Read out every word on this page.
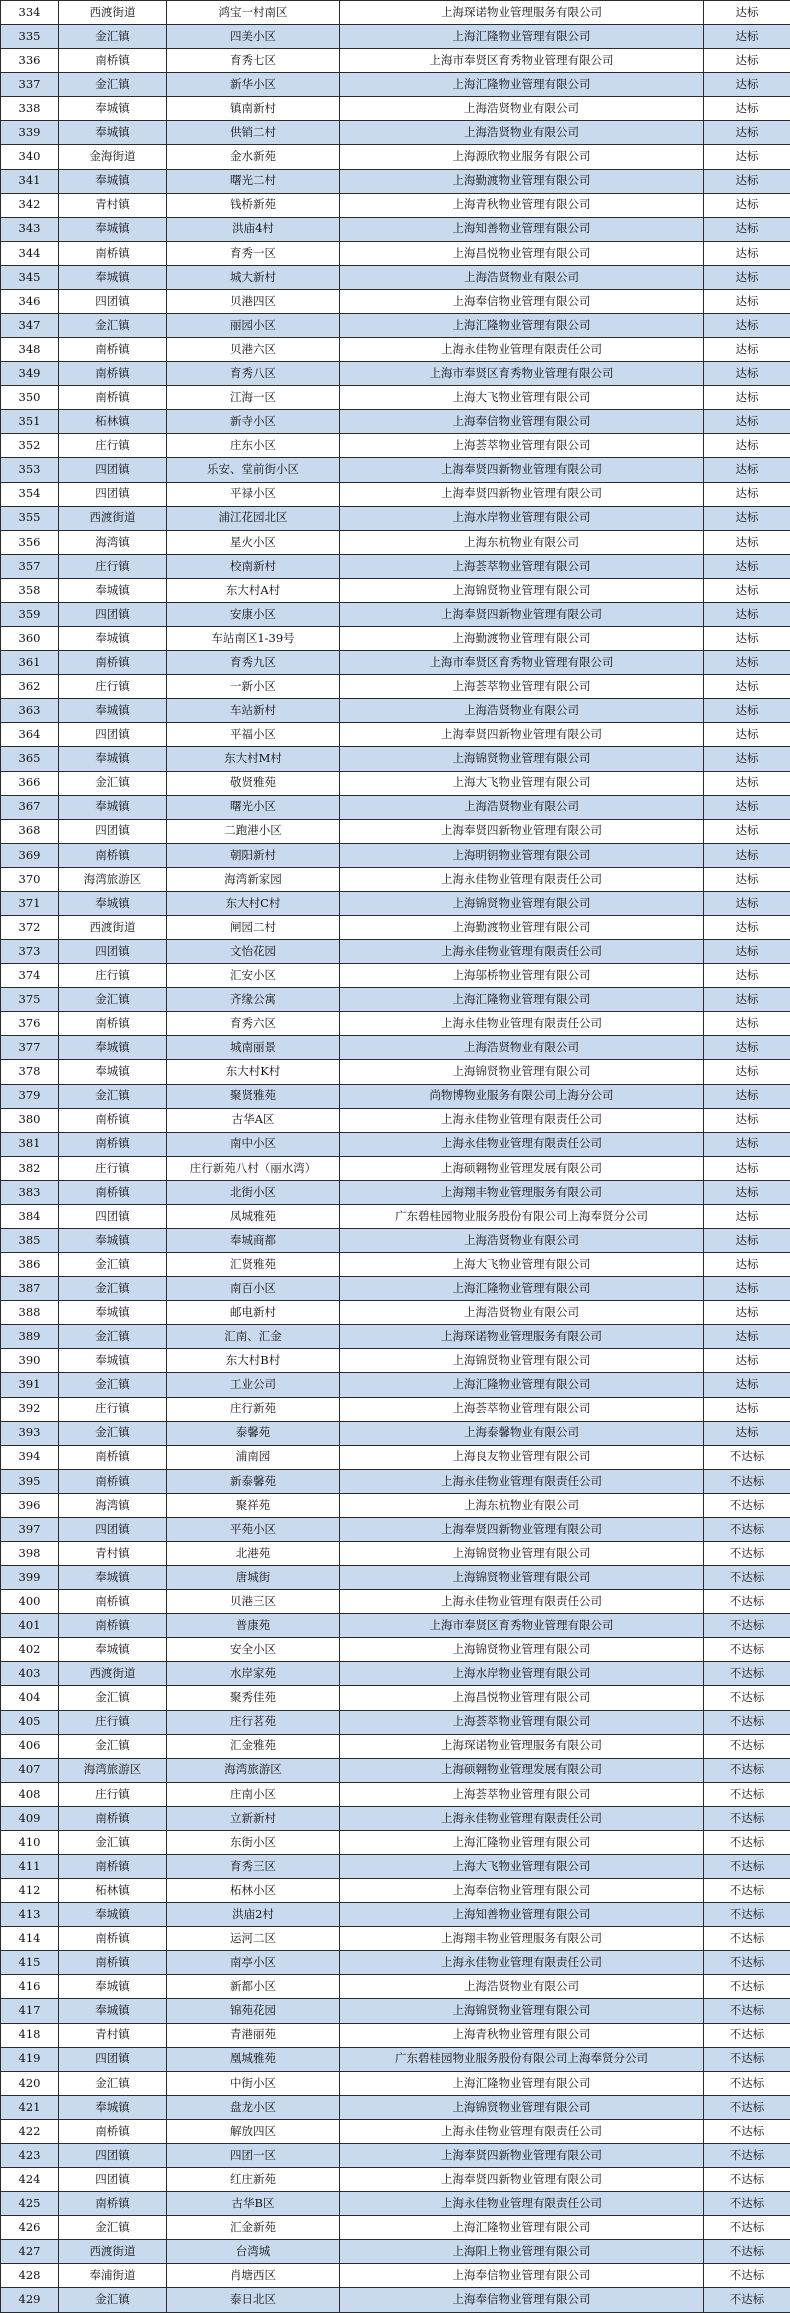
334	西渡街道	鸿宝一村南区	上海琛诺物业管理服务有限公司	达标
335	金汇镇	四美小区	上海汇隆物业管理有限公司	达标
336	南桥镇	育秀七区	上海市奉贤区育秀物业管理有限公司	达标
337	金汇镇	新华小区	上海汇隆物业管理有限公司	达标
338	奉城镇	镇南新村	上海浩贤物业有限公司	达标
339	奉城镇	供销二村	上海浩贤物业有限公司	达标
340	金海街道	金水新苑	上海源欣物业服务有限公司	达标
341	奉城镇	曙光二村	上海勤渡物业管理有限公司	达标
342	青村镇	钱桥新苑	上海青秋物业管理有限公司	达标
343	奉城镇	洪庙4村	上海知善物业管理有限公司	达标
344	南桥镇	育秀一区	上海昌悦物业管理有限公司	达标
345	奉城镇	城大新村	上海浩贤物业有限公司	达标
346	四团镇	贝港四区	上海奉信物业管理有限公司	达标
347	金汇镇	丽园小区	上海汇隆物业管理有限公司	达标
348	南桥镇	贝港六区	上海永佳物业管理有限责任公司	达标
349	南桥镇	育秀八区	上海市奉贤区育秀物业管理有限公司	达标
350	南桥镇	江海一区	上海大飞物业管理有限公司	达标
351	柘林镇	新寺小区	上海奉信物业管理有限公司	达标
352	庄行镇	庄东小区	上海荟萃物业管理有限公司	达标
353	四团镇	乐安、堂前街小区	上海奉贤四新物业管理有限公司	达标
354	四团镇	平禄小区	上海奉贤四新物业管理有限公司	达标
355	西渡街道	浦江花园北区	上海水岸物业管理有限公司	达标
356	海湾镇	星火小区	上海东杭物业有限公司	达标
357	庄行镇	校南新村	上海荟萃物业管理有限公司	达标
358	奉城镇	东大村A村	上海锦贤物业管理有限公司	达标
359	四团镇	安康小区	上海奉贤四新物业管理有限公司	达标
360	奉城镇	车站南区1-39号	上海勤渡物业管理有限公司	达标
361	南桥镇	育秀九区	上海市奉贤区育秀物业管理有限公司	达标
362	庄行镇	一新小区	上海荟萃物业管理有限公司	达标
363	奉城镇	车站新村	上海浩贤物业有限公司	达标
364	四团镇	平福小区	上海奉贤四新物业管理有限公司	达标
365	奉城镇	东大村M村	上海锦贤物业管理有限公司	达标
366	金汇镇	敬贤雅苑	上海大飞物业管理有限公司	达标
367	奉城镇	曙光小区	上海浩贤物业有限公司	达标
368	四团镇	二跑港小区	上海奉贤四新物业管理有限公司	达标
369	南桥镇	朝阳新村	上海明钥物业管理有限公司	达标
370	海湾旅游区	海湾新家园	上海永佳物业管理有限责任公司	达标
371	奉城镇	东大村C村	上海锦贤物业管理有限公司	达标
372	西渡街道	闸园二村	上海勤渡物业管理有限公司	达标
373	四团镇	文怡花园	上海永佳物业管理有限责任公司	达标
374	庄行镇	汇安小区	上海邬桥物业管理有限公司	达标
375	金汇镇	齐缘公寓	上海汇隆物业管理有限公司	达标
376	南桥镇	育秀六区	上海永佳物业管理有限责任公司	达标
377	奉城镇	城南丽景	上海浩贤物业有限公司	达标
378	奉城镇	东大村K村	上海锦贤物业管理有限公司	达标
379	金汇镇	聚贤雅苑	尚物博物业服务有限公司上海分公司	达标
380	南桥镇	古华A区	上海永佳物业管理有限责任公司	达标
381	南桥镇	南中小区	上海永佳物业管理有限责任公司	达标
382	庄行镇	庄行新苑八村（丽水湾）	上海硕翱物业管理发展有限公司	达标
383	南桥镇	北街小区	上海翔丰物业管理服务有限公司	达标
384	四团镇	凤城雅苑	广东碧桂园物业服务股份有限公司上海奉贤分公司	达标
385	奉城镇	奉城商都	上海浩贤物业有限公司	达标
386	金汇镇	汇贤雅苑	上海大飞物业管理有限公司	达标
387	金汇镇	南百小区	上海汇隆物业管理有限公司	达标
388	奉城镇	邮电新村	上海浩贤物业有限公司	达标
389	金汇镇	汇南、汇金	上海琛诺物业管理服务有限公司	达标
390	奉城镇	东大村B村	上海锦贤物业管理有限公司	达标
391	金汇镇	工业公司	上海汇隆物业管理有限公司	达标
392	庄行镇	庄行新苑	上海荟萃物业管理有限公司	达标
393	金汇镇	泰馨苑	上海泰馨物业有限公司	达标
394	南桥镇	浦南园	上海良友物业管理有限公司	不达标
395	南桥镇	新泰馨苑	上海永佳物业管理有限责任公司	不达标
396	海湾镇	聚祥苑	上海东杭物业有限公司	不达标
397	四团镇	平苑小区	上海奉贤四新物业管理有限公司	不达标
398	青村镇	北港苑	上海锦贤物业管理有限公司	不达标
399	奉城镇	唐城街	上海锦贤物业管理有限公司	不达标
400	南桥镇	贝港三区	上海永佳物业管理有限责任公司	不达标
401	南桥镇	普康苑	上海市奉贤区育秀物业管理有限公司	不达标
402	奉城镇	安全小区	上海锦贤物业管理有限公司	不达标
403	西渡街道	水岸家苑	上海水岸物业管理有限公司	不达标
404	金汇镇	聚秀佳苑	上海昌悦物业管理有限公司	不达标
405	庄行镇	庄行茗苑	上海荟萃物业管理有限公司	不达标
406	金汇镇	汇金雅苑	上海琛诺物业管理服务有限公司	不达标
407	海湾旅游区	海湾旅游区	上海硕翱物业管理发展有限公司	不达标
408	庄行镇	庄南小区	上海荟萃物业管理有限公司	不达标
409	南桥镇	立新新村	上海永佳物业管理有限责任公司	不达标
410	金汇镇	东街小区	上海汇隆物业管理有限公司	不达标
411	南桥镇	育秀三区	上海大飞物业管理有限公司	不达标
412	柘林镇	柘林小区	上海奉信物业管理有限公司	不达标
413	奉城镇	洪庙2村	上海知善物业管理有限公司	不达标
414	南桥镇	运河二区	上海翔丰物业管理服务有限公司	不达标
415	南桥镇	南亭小区	上海永佳物业管理有限责任公司	不达标
416	奉城镇	新都小区	上海浩贤物业有限公司	不达标
417	奉城镇	锦苑花园	上海锦贤物业管理有限公司	不达标
418	青村镇	青港丽苑	上海青秋物业管理有限公司	不达标
419	四团镇	凰城雅苑	广东碧桂园物业服务股份有限公司上海奉贤分公司	不达标
420	金汇镇	中街小区	上海汇隆物业管理有限公司	不达标
421	奉城镇	盘龙小区	上海锦贤物业管理有限公司	不达标
422	南桥镇	解放四区	上海永佳物业管理有限责任公司	不达标
423	四团镇	四团一区	上海奉贤四新物业管理有限公司	不达标
424	四团镇	红庄新苑	上海奉贤四新物业管理有限公司	不达标
425	南桥镇	古华B区	上海永佳物业管理有限责任公司	不达标
426	金汇镇	汇金新苑	上海汇隆物业管理有限公司	不达标
427	西渡街道	台湾城	上海阳上物业管理有限公司	不达标
428	奉浦街道	肖塘西区	上海奉信物业管理有限公司	不达标
429	金汇镇	泰日北区	上海奉信物业管理有限公司	不达标
